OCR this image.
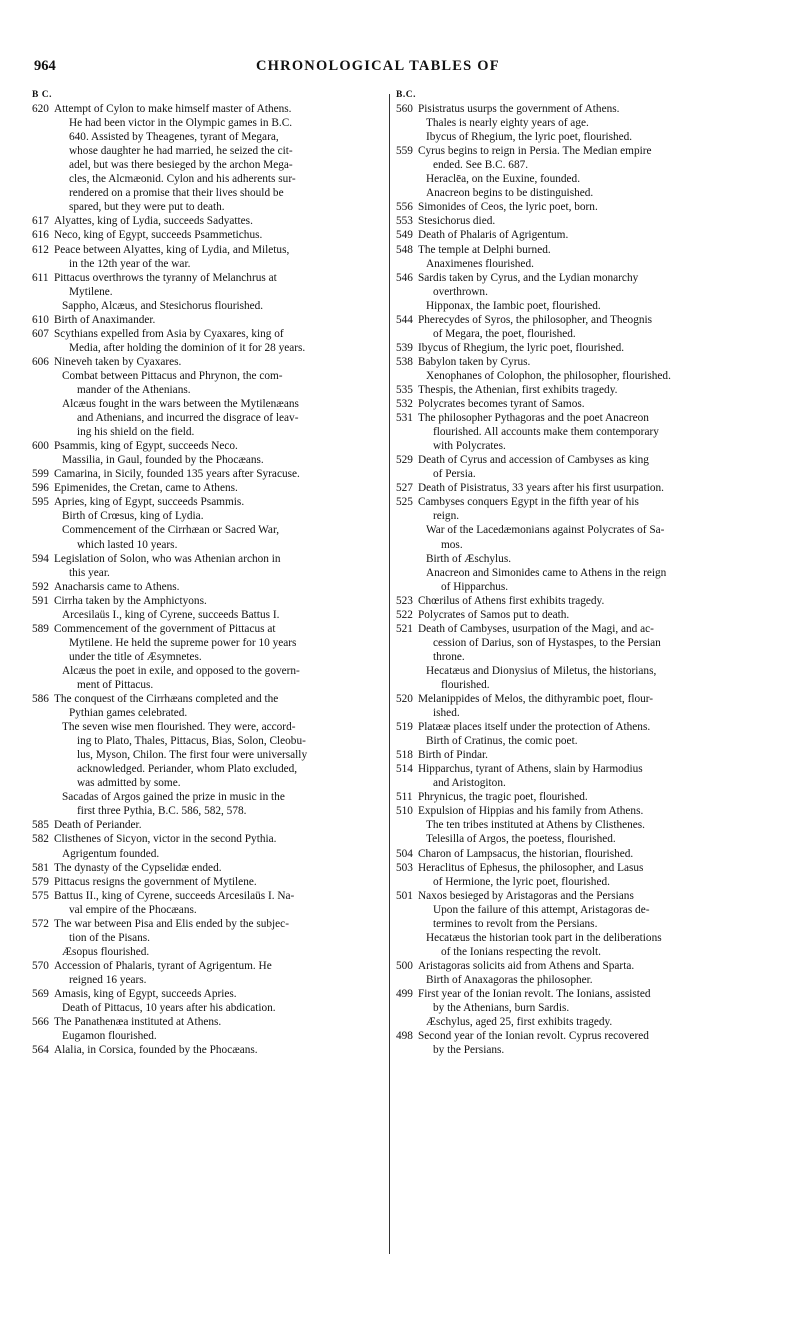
964	CHRONOLOGICAL TABLES OF
B C.
620 Attempt of Cylon to make himself master of Athens.
He had been victor in the Olympic games in B.C.
640. Assisted by Theagenes, tyrant of Megara,
whose daughter he had married, he seized the cit-
adel, but was there besieged by the archon Mega-
cles, the Alcmæonid. Cylon and his adherents sur-
rendered on a promise that their lives should be
spared, but they were put to death.
617 Alyattes, king of Lydia, succeeds Sadyattes.
616 Neco, king of Egypt, succeeds Psammetichus.
612 Peace between Alyattes, king of Lydia, and Miletus,
in the 12th year of the war.
611 Pittacus overthrows the tyranny of Melanchrus at
Mytilene.
Sappho, Alcæus, and Stesichorus flourished.
610 Birth of Anaximander.
607 Scythians expelled from Asia by Cyaxares, king of
Media, after holding the dominion of it for 28 years.
606 Nineveh taken by Cyaxares.
Combat between Pittacus and Phrynon, the com-
mander of the Athenians.
Alcæus fought in the wars between the Mytilenæans
and Athenians, and incurred the disgrace of leav-
ing his shield on the field.
600 Psammis, king of Egypt, succeeds Neco.
Massilia, in Gaul, founded by the Phocæans.
599 Camarina, in Sicily, founded 135 years after Syracuse.
596 Epimenides, the Cretan, came to Athens.
595 Apries, king of Egypt, succeeds Psammis.
Birth of Crœsus, king of Lydia.
Commencement of the Cirrhæan or Sacred War,
which lasted 10 years.
594 Legislation of Solon, who was Athenian archon in
this year.
592 Anacharsis came to Athens.
591 Cirrha taken by the Amphictyons.
Arcesilaüs I., king of Cyrene, succeeds Battus I.
589 Commencement of the government of Pittacus at
Mytilene. He held the supreme power for 10 years
under the title of Æsymnetes.
Alcæus the poet in exile, and opposed to the govern-
ment of Pittacus.
586 The conquest of the Cirrhæans completed and the
Pythian games celebrated.
The seven wise men flourished. They were, accord-
ing to Plato, Thales, Pittacus, Bias, Solon, Cleobu-
lus, Myson, Chilon. The first four were universally
acknowledged. Periander, whom Plato excluded,
was admitted by some.
Sacadas of Argos gained the prize in music in the
first three Pythia, B.C. 586, 582, 578.
585 Death of Periander.
582 Clisthenes of Sicyon, victor in the second Pythia.
Agrigentum founded.
581 The dynasty of the Cypselidæ ended.
579 Pittacus resigns the government of Mytilene.
575 Battus II., king of Cyrene, succeeds Arcesilaüs I. Na-
val empire of the Phocæans.
572 The war between Pisa and Elis ended by the subjec-
tion of the Pisans.
Æsopus flourished.
570 Accession of Phalaris, tyrant of Agrigentum. He
reigned 16 years.
569 Amasis, king of Egypt, succeeds Apries.
Death of Pittacus, 10 years after his abdication.
566 The Panathenæa instituted at Athens.
Eugamon flourished.
564 Alalia, in Corsica, founded by the Phocæans.
B.C.
560 Pisistratus usurps the government of Athens.
Thales is nearly eighty years of age.
Ibycus of Rhegium, the lyric poet, flourished.
559 Cyrus begins to reign in Persia. The Median empire
ended. See B.C. 687.
Heraclēa, on the Euxine, founded.
Anacreon begins to be distinguished.
556 Simonides of Ceos, the lyric poet, born.
553 Stesichorus died.
549 Death of Phalaris of Agrigentum.
548 The temple at Delphi burned.
Anaximenes flourished.
546 Sardis taken by Cyrus, and the Lydian monarchy
overthrown.
Hipponax, the Iambic poet, flourished.
544 Pherecydes of Syros, the philosopher, and Theognis
of Megara, the poet, flourished.
539 Ibycus of Rhegium, the lyric poet, flourished.
538 Babylon taken by Cyrus.
Xenophanes of Colophon, the philosopher, flourished.
535 Thespis, the Athenian, first exhibits tragedy.
532 Polycrates becomes tyrant of Samos.
531 The philosopher Pythagoras and the poet Anacreon
flourished. All accounts make them contemporary
with Polycrates.
529 Death of Cyrus and accession of Cambyses as king
of Persia.
527 Death of Pisistratus, 33 years after his first usurpation.
525 Cambyses conquers Egypt in the fifth year of his
reign.
War of the Lacedæmonians against Polycrates of Sa-
mos.
Birth of Æschylus.
Anacreon and Simonides came to Athens in the reign
of Hipparchus.
523 Chœrilus of Athens first exhibits tragedy.
522 Polycrates of Samos put to death.
521 Death of Cambyses, usurpation of the Magi, and ac-
cession of Darius, son of Hystaspes, to the Persian
throne.
Hecatæus and Dionysius of Miletus, the historians,
flourished.
520 Melanippides of Melos, the dithyrambic poet, flour-
ished.
519 Platææ places itself under the protection of Athens.
Birth of Cratinus, the comic poet.
518 Birth of Pindar.
514 Hipparchus, tyrant of Athens, slain by Harmodius
and Aristogiton.
511 Phrynicus, the tragic poet, flourished.
510 Expulsion of Hippias and his family from Athens.
The ten tribes instituted at Athens by Clisthenes.
Telesilla of Argos, the poetess, flourished.
504 Charon of Lampsacus, the historian, flourished.
503 Heraclitus of Ephesus, the philosopher, and Lasus
of Hermione, the lyric poet, flourished.
501 Naxos besieged by Aristagoras and the Persians
Upon the failure of this attempt, Aristagoras de-
termines to revolt from the Persians.
Hecatæus the historian took part in the deliberations
of the Ionians respecting the revolt.
500 Aristagoras solicits aid from Athens and Sparta.
Birth of Anaxagoras the philosopher.
499 First year of the Ionian revolt. The Ionians, assisted
by the Athenians, burn Sardis.
Æschylus, aged 25, first exhibits tragedy.
498 Second year of the Ionian revolt. Cyprus recovered
by the Persians.
